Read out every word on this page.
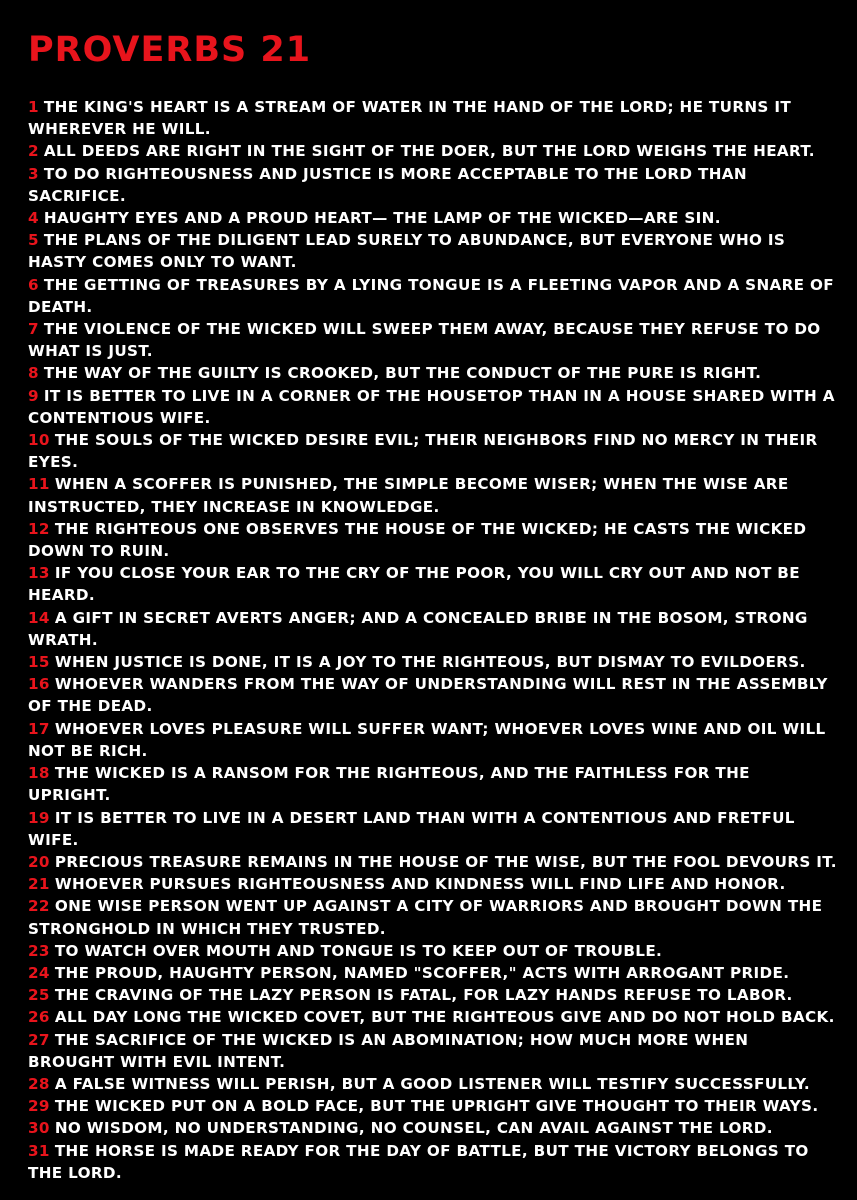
PROVERBS 21

1 THE KING'S HEART IS A STREAM OF WATER IN THE HAND OF THE LORD; HE TURNS IT WHEREVER HE WILL.

2 ALL DEEDS ARE RIGHT IN THE SIGHT OF THE DOER, BUT THE LORD WEIGHS THE HEART.

3 TO DO RIGHTEOUSNESS AND JUSTICE IS MORE ACCEPTABLE TO THE LORD THAN SACRIFICE.

4 HAUGHTY EYES AND A PROUD HEART— THE LAMP OF THE WICKED—ARE SIN.

5 THE PLANS OF THE DILIGENT LEAD SURELY TO ABUNDANCE, BUT EVERYONE WHO IS HASTY COMES ONLY TO WANT.

6 THE GETTING OF TREASURES BY A LYING TONGUE IS A FLEETING VAPOR AND A SNARE OF DEATH.

7 THE VIOLENCE OF THE WICKED WILL SWEEP THEM AWAY, BECAUSE THEY REFUSE TO DO WHAT IS JUST.

8 THE WAY OF THE GUILTY IS CROOKED, BUT THE CONDUCT OF THE PURE IS RIGHT.

9 IT IS BETTER TO LIVE IN A CORNER OF THE HOUSETOP THAN IN A HOUSE SHARED WITH A CONTENTIOUS WIFE.

10 THE SOULS OF THE WICKED DESIRE EVIL; THEIR NEIGHBORS FIND NO MERCY IN THEIR EYES.

11 WHEN A SCOFFER IS PUNISHED, THE SIMPLE BECOME WISER; WHEN THE WISE ARE INSTRUCTED, THEY INCREASE IN KNOWLEDGE.

12 THE RIGHTEOUS ONE OBSERVES THE HOUSE OF THE WICKED; HE CASTS THE WICKED DOWN TO RUIN.

13 IF YOU CLOSE YOUR EAR TO THE CRY OF THE POOR, YOU WILL CRY OUT AND NOT BE HEARD.

14 A GIFT IN SECRET AVERTS ANGER; AND A CONCEALED BRIBE IN THE BOSOM, STRONG WRATH.

15 WHEN JUSTICE IS DONE, IT IS A JOY TO THE RIGHTEOUS, BUT DISMAY TO EVILDOERS.

16 WHOEVER WANDERS FROM THE WAY OF UNDERSTANDING WILL REST IN THE ASSEMBLY OF THE DEAD.

17 WHOEVER LOVES PLEASURE WILL SUFFER WANT; WHOEVER LOVES WINE AND OIL WILL NOT BE RICH.

18 THE WICKED IS A RANSOM FOR THE RIGHTEOUS, AND THE FAITHLESS FOR THE UPRIGHT.

19 IT IS BETTER TO LIVE IN A DESERT LAND THAN WITH A CONTENTIOUS AND FRETFUL WIFE.

20 PRECIOUS TREASURE REMAINS IN THE HOUSE OF THE WISE, BUT THE FOOL DEVOURS IT.

21 WHOEVER PURSUES RIGHTEOUSNESS AND KINDNESS WILL FIND LIFE AND HONOR.

22 ONE WISE PERSON WENT UP AGAINST A CITY OF WARRIORS AND BROUGHT DOWN THE STRONGHOLD IN WHICH THEY TRUSTED.

23 TO WATCH OVER MOUTH AND TONGUE IS TO KEEP OUT OF TROUBLE.

24 THE PROUD, HAUGHTY PERSON, NAMED "SCOFFER," ACTS WITH ARROGANT PRIDE.

25 THE CRAVING OF THE LAZY PERSON IS FATAL, FOR LAZY HANDS REFUSE TO LABOR.

26 ALL DAY LONG THE WICKED COVET, BUT THE RIGHTEOUS GIVE AND DO NOT HOLD BACK.

27 THE SACRIFICE OF THE WICKED IS AN ABOMINATION; HOW MUCH MORE WHEN BROUGHT WITH EVIL INTENT.

28 A FALSE WITNESS WILL PERISH, BUT A GOOD LISTENER WILL TESTIFY SUCCESSFULLY.

29 THE WICKED PUT ON A BOLD FACE, BUT THE UPRIGHT GIVE THOUGHT TO THEIR WAYS.

30 NO WISDOM, NO UNDERSTANDING, NO COUNSEL, CAN AVAIL AGAINST THE LORD.

31 THE HORSE IS MADE READY FOR THE DAY OF BATTLE, BUT THE VICTORY BELONGS TO THE LORD.
